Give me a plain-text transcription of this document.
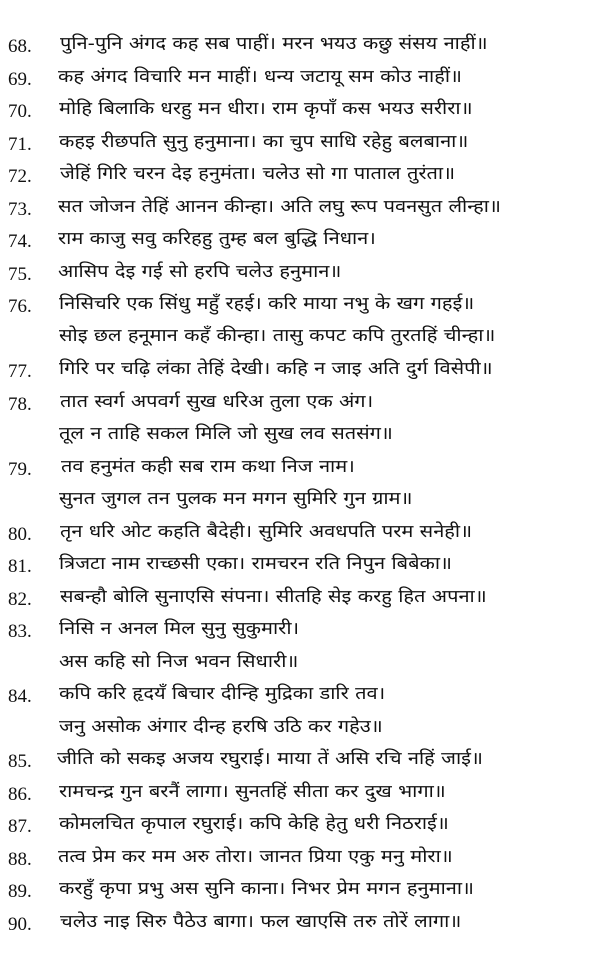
68. पुनि-पुनि अंगद कह सब पाहीं। मरन भयउ कछु संसय नाहीं॥
69. कह अंगद विचारि मन माहीं। धन्य जटायू सम कोउ नाहीं॥
70. मोहि बिलाकि धरहु मन धीरा। राम कृपाँ कस भयउ सरीरा॥
71. कहइ रीछपति सुनु हनुमाना। का चुप साधि रहेहु बलबाना॥
72. जेहिं गिरि चरन देइ हनुमंता। चलेउ सो गा पाताल तुरंता॥
73. सत जोजन तेहिं आनन कीन्हा। अति लघु रूप पवनसुत लीन्हा॥
74. राम काजु सवु करिहहु तुम्ह बल बुद्धि निधान।
75. आसिप देइ गई सो हरपि चलेउ हनुमान॥
76. निसिचरि एक सिंधु महुँ रहई। करि माया नभु के खग गहई॥
सोइ छल हनूमान कहँ कीन्हा। तासु कपट कपि तुरतहिं चीन्हा॥
77. गिरि पर चढ़ि लंका तेहिं देखी। कहि न जाइ अति दुर्ग विसेपी॥
78. तात स्वर्ग अपवर्ग सुख धरिअ तुला एक अंग।
तूल न ताहि सकल मिलि जो सुख लव सतसंग॥
79. तव हनुमंत कही सब राम कथा निज नाम।
सुनत जुगल तन पुलक मन मगन सुमिरि गुन ग्राम॥
80. तृन धरि ओट कहति बैदेही। सुमिरि अवधपति परम सनेही॥
81. त्रिजटा नाम राच्छसी एका। रामचरन रति निपुन बिबेका॥
82. सबन्हौ बोलि सुनाएसि संपना। सीतहि सेइ करहु हित अपना॥
83. निसि न अनल मिल सुनु सुकुमारी।
अस कहि सो निज भवन सिधारी॥
84. कपि करि हृदयँ बिचार दीन्हि मुद्रिका डारि तव।
जनु असोक अंगार दीन्ह हरषि उठि कर गहेउ॥
85. जीति को सकइ अजय रघुराई। माया तें असि रचि नहिं जाई॥
86. रामचन्द्र गुन बरनैं लागा। सुनतहिं सीता कर दुख भागा॥
87. कोमलचित कृपाल रघुराई। कपि केहि हेतु धरी निठराई॥
88. तत्व प्रेम कर मम अरु तोरा। जानत प्रिया एकु मनु मोरा॥
89. करहुँ कृपा प्रभु अस सुनि काना। निभर प्रेम मगन हनुमाना॥
90. चलेउ नाइ सिरु पैठेउ बागा। फल खाएसि तरु तोरें लागा॥
